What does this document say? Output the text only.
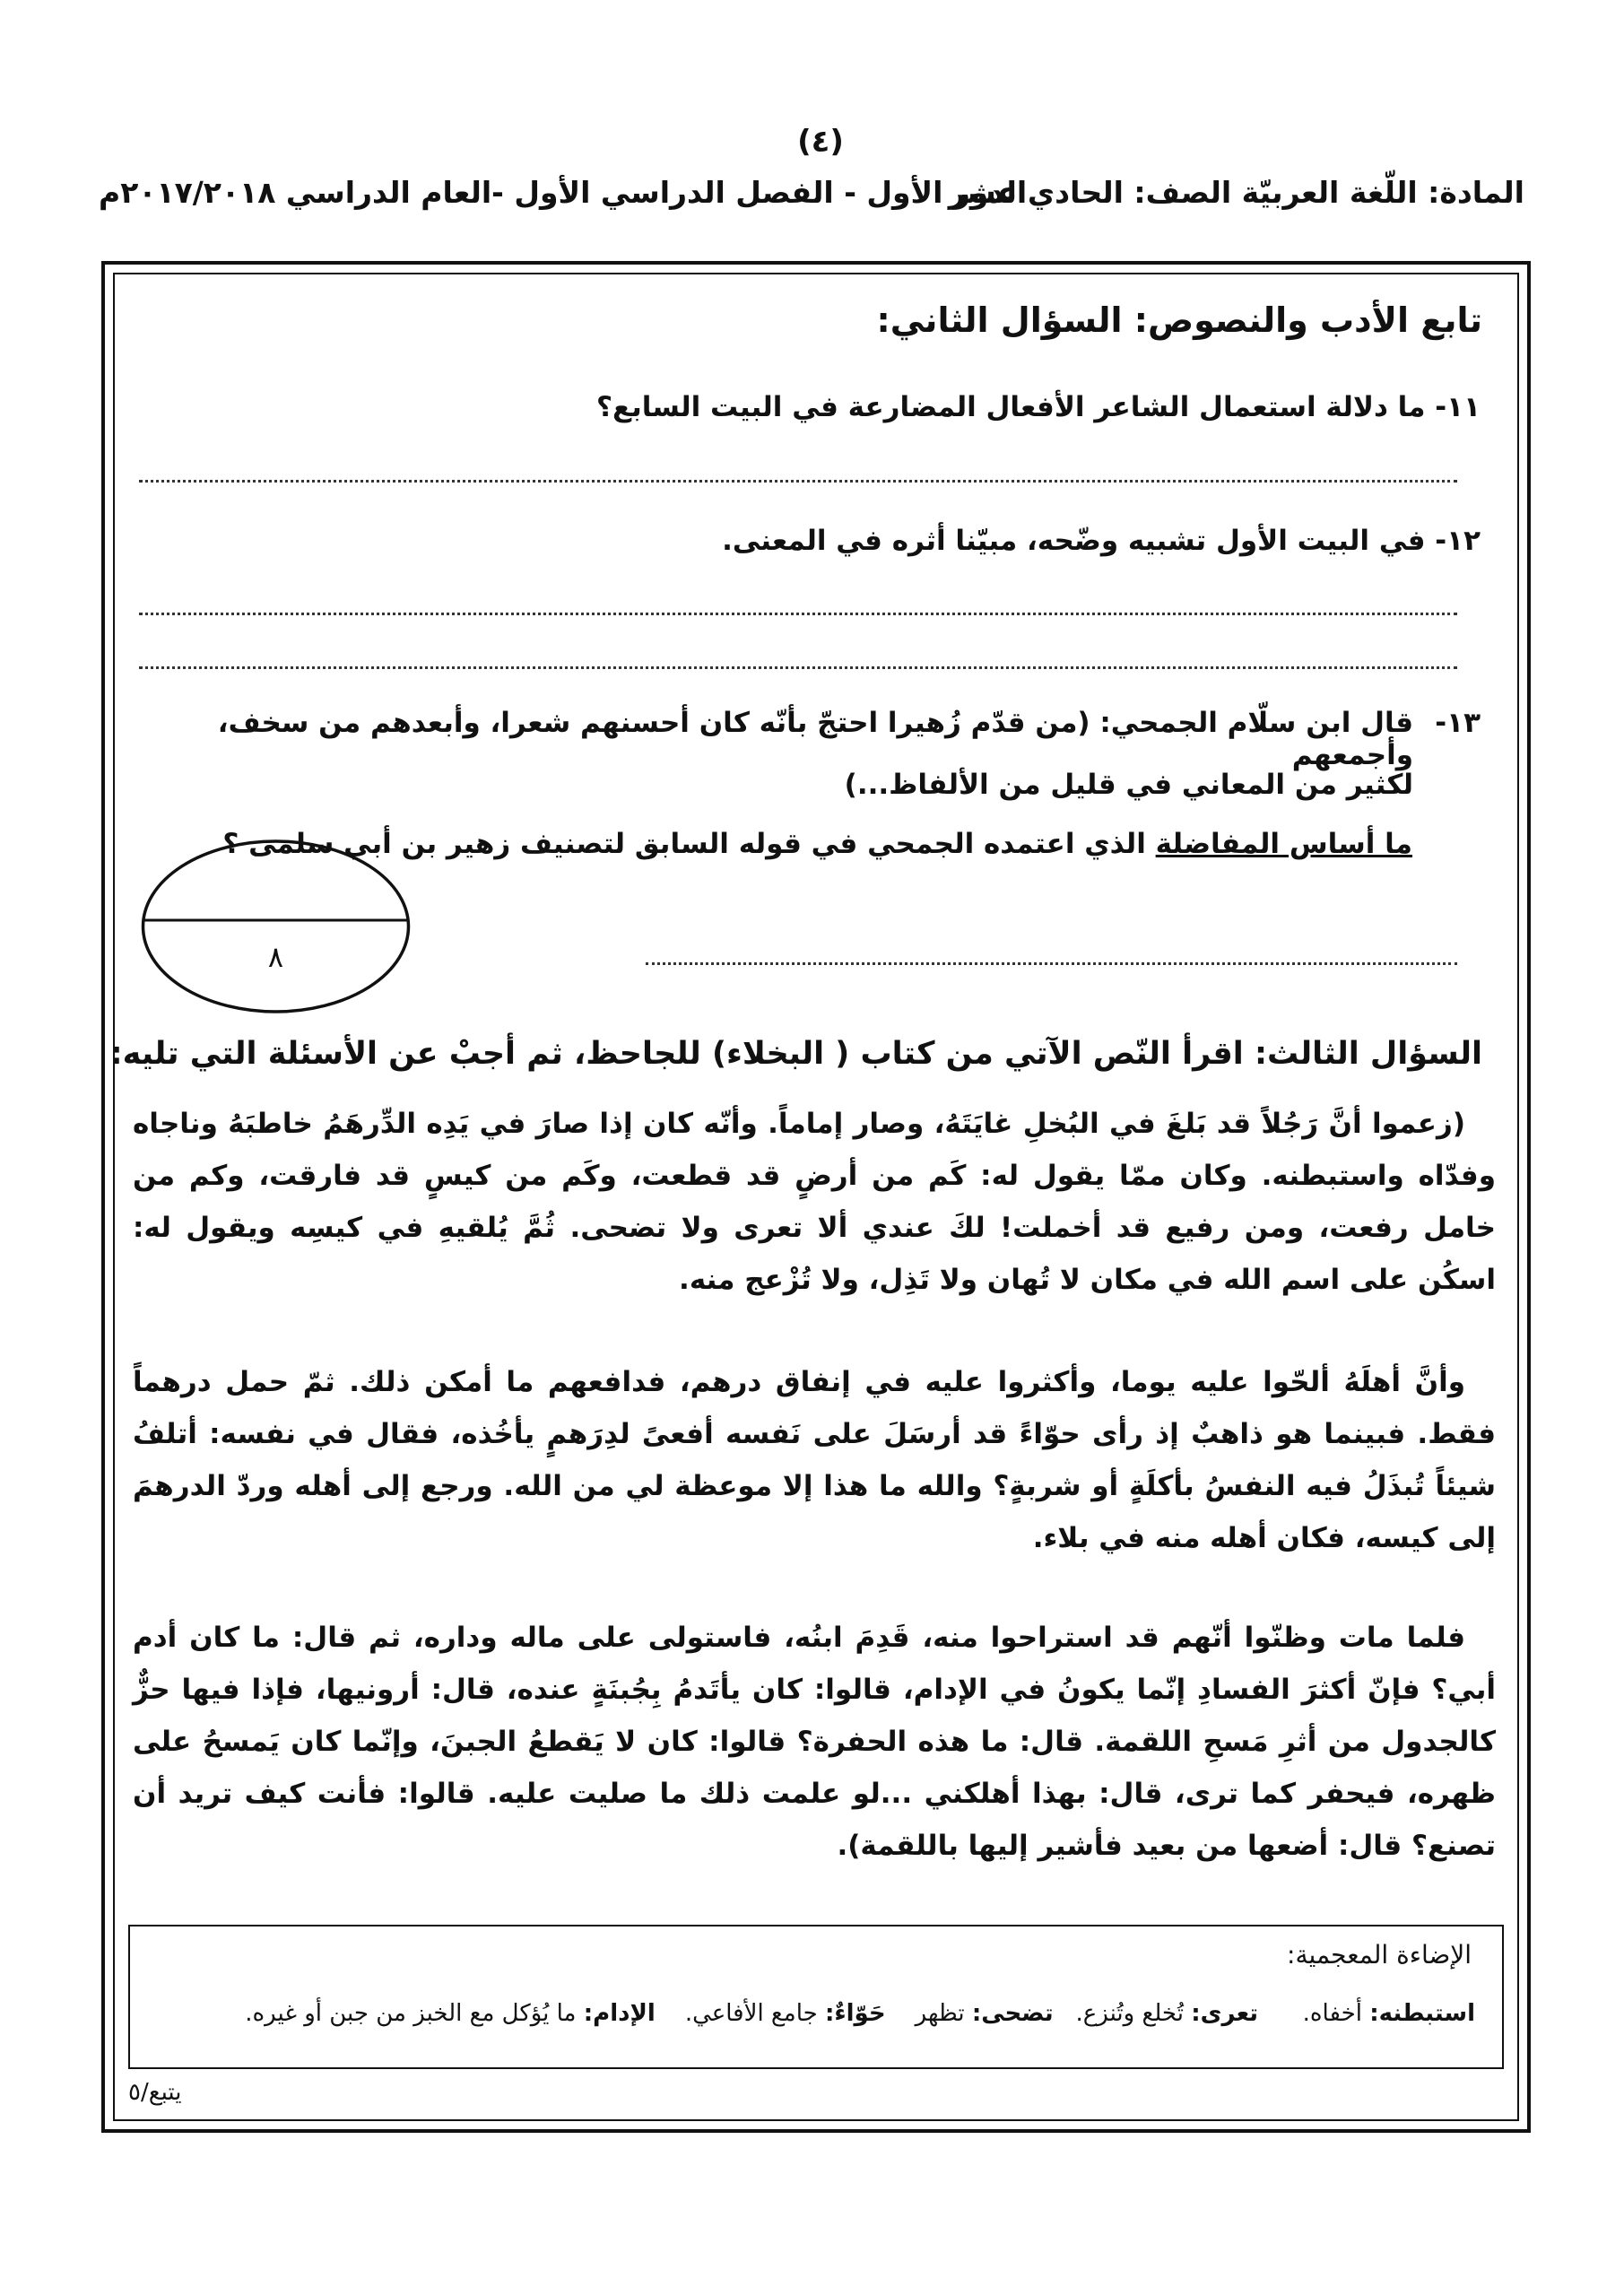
(٤)
المادة: اللّغة العربيّة الصف: الحادي عشر
الدور الأول - الفصل الدراسي الأول -العام الدراسي ٢٠١٧/٢٠١٨م
تابع الأدب والنصوص: السؤال الثاني:
١١- ما دلالة استعمال الشاعر الأفعال المضارعة في البيت السابع؟
١٢- في البيت الأول تشبيه وضّحه، مبيّنا أثره في المعنى.
١٣-
قال ابن سلّام الجمحي: (من قدّم زُهيرا احتجّ بأنّه كان أحسنهم شعرا، وأبعدهم من سخف، وأجمعهم
لكثير من المعاني في قليل من الألفاظ...)
ما أساس المفاضلة الذي اعتمده الجمحي في قوله السابق لتصنيف زهير بن أبي سلمى ؟
٨
السؤال الثالث: اقرأ النّص الآتي من كتاب ( البخلاء) للجاحظ، ثم أجبْ عن الأسئلة التي تليه:
(زعموا أنَّ رَجُلاً قد بَلغَ في البُخلِ غايَتَهُ، وصار إماماً. وأنّه كان إذا صارَ في يَدِه الدِّرهَمُ خاطبَهُ وناجاه وفدّاه واستبطنه. وكان ممّا يقول له: كَم من أرضٍ قد قطعت، وكَم من كيسٍ قد فارقت، وكم من خامل رفعت، ومن رفيع قد أخملت! لكَ عندي ألا تعرى ولا تضحى. ثُمَّ يُلقيهِ في كيسِه ويقول له: اسكُن على اسم الله في مكان لا تُهان ولا تَذِل، ولا تُزْعج منه.
وأنَّ أهلَهُ ألحّوا عليه يوما، وأكثروا عليه في إنفاق درهم، فدافعهم ما أمكن ذلك. ثمّ حمل درهماً فقط. فبينما هو ذاهبٌ إذ رأى حوّاءً قد أرسَلَ على نَفسه أفعىً لدِرَهمٍ يأخُذه، فقال في نفسه: أتلفُ شيئاً تُبذَلُ فيه النفسُ بأكلَةٍ أو شربةٍ؟ والله ما هذا إلا موعظة لي من الله. ورجع إلى أهله وردّ الدرهمَ إلى كيسه، فكان أهله منه في بلاء.
فلما مات وظنّوا أنّهم قد استراحوا منه، قَدِمَ ابنُه، فاستولى على ماله وداره، ثم قال: ما كان أدم أبي؟ فإنّ أكثرَ الفسادِ إنّما يكونُ في الإدام، قالوا: كان يأتَدمُ بِجُبنَةٍ عنده، قال: أرونيها، فإذا فيها حزٌّ كالجدول من أثرِ مَسحِ اللقمة. قال: ما هذه الحفرة؟ قالوا: كان لا يَقطعُ الجبنَ، وإنّما كان يَمسحُ على ظهره، فيحفر كما ترى، قال: بهذا أهلكني ...لو علمت ذلك ما صليت عليه. قالوا: فأنت كيف تريد أن تصنع؟ قال: أضعها من بعيد فأشير إليها باللقمة).
الإضاءة المعجمية:
استبطنه: أخفاه.      تعرى: تُخلع وتُنزع.   تضحى: تظهر    حَوّاءٌ: جامع الأفاعي.    الإدام: ما يُؤكل مع الخبز من جبن أو غيره.
يتبع/٥
